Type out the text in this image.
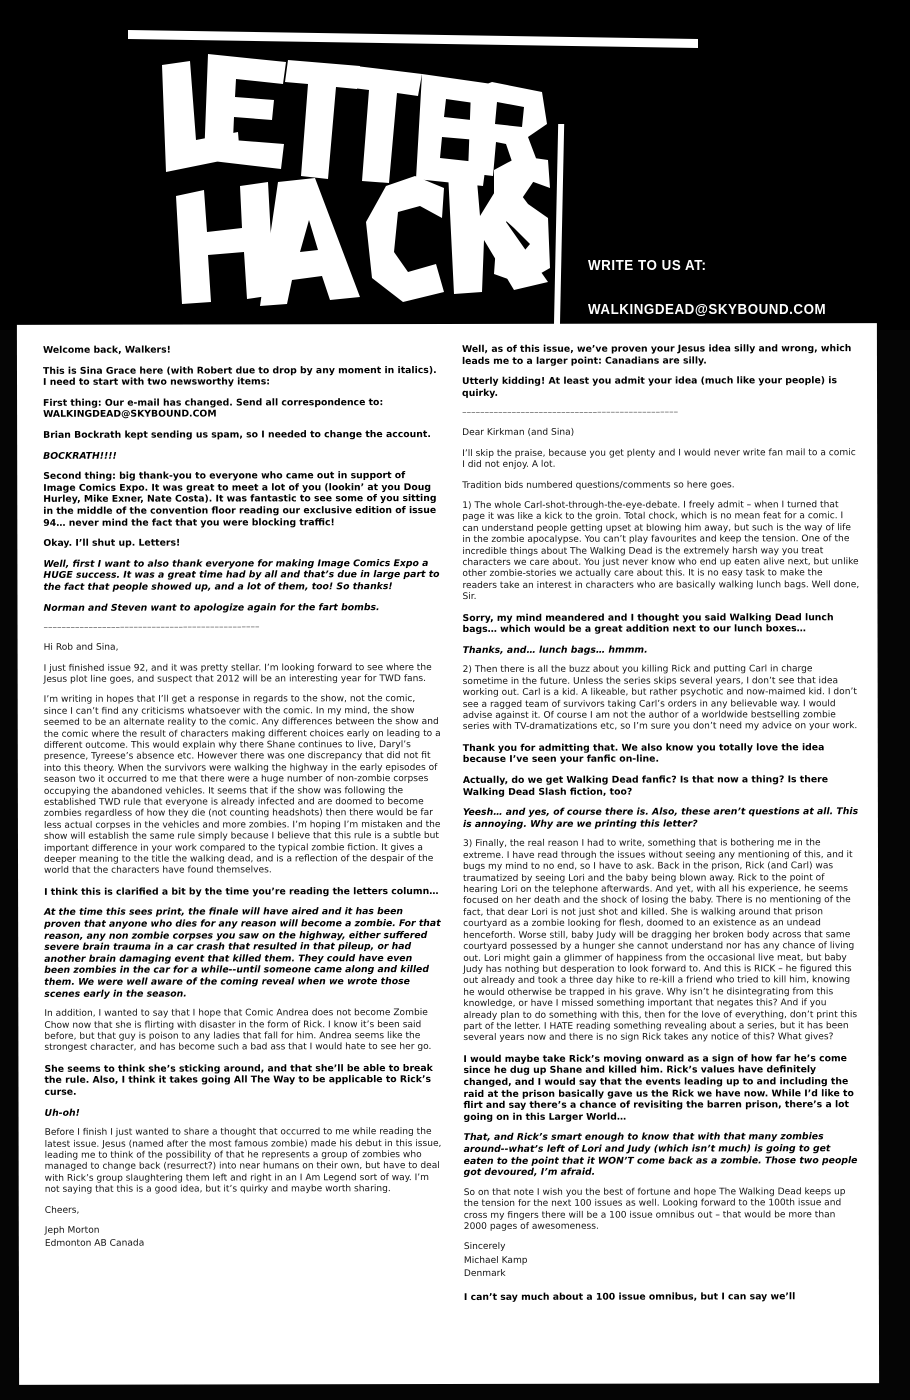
WRITE TO US AT:
WALKINGDEAD@SKYBOUND.COM

Welcome back, Walkers!

This is Sina Grace here (with Robert due to drop by any moment in italics). I need to start with two newsworthy items:

First thing: Our e-mail has changed. Send all correspondence to: WALKINGDEAD@SKYBOUND.COM

Brian Bockrath kept sending us spam, so I needed to change the account.

BOCKRATH!!!!

Second thing: big thank-you to everyone who came out in support of Image Comics Expo. It was great to meet a lot of you (lookin’ at you Doug Hurley, Mike Exner, Nate Costa). It was fantastic to see some of you sitting in the middle of the convention floor reading our exclusive edition of issue 94… never mind the fact that you were blocking traffic!

Okay. I’ll shut up. Letters!

Well, first I want to also thank everyone for making Image Comics Expo a HUGE success. It was a great time had by all and that’s due in large part to the fact that people showed up, and a lot of them, too! So thanks!

Norman and Steven want to apologize again for the fart bombs.

––––––––––––––––––––––––––––––––––––––––––––––––

Hi Rob and Sina,

I just finished issue 92, and it was pretty stellar. I’m looking forward to see where the Jesus plot line goes, and suspect that 2012 will be an interesting year for TWD fans.

I’m writing in hopes that I’ll get a response in regards to the show, not the comic, since I can’t find any criticisms whatsoever with the comic. In my mind, the show seemed to be an alternate reality to the comic. Any differences between the show and the comic where the result of characters making different choices early on leading to a different outcome. This would explain why there Shane continues to live, Daryl’s presence, Tyreese’s absence etc. However there was one discrepancy that did not fit into this theory. When the survivors were walking the highway in the early episodes of season two it occurred to me that there were a huge number of non-zombie corpses occupying the abandoned vehicles. It seems that if the show was following the established TWD rule that everyone is already infected and are doomed to become zombies regardless of how they die (not counting headshots) then there would be far less actual corpses in the vehicles and more zombies. I’m hoping I’m mistaken and the show will establish the same rule simply because I believe that this rule is a subtle but important difference in your work compared to the typical zombie fiction. It gives a deeper meaning to the title the walking dead, and is a reflection of the despair of the world that the characters have found themselves.

I think this is clarified a bit by the time you’re reading the letters column…

At the time this sees print, the finale will have aired and it has been proven that anyone who dies for any reason will become a zombie. For that reason, any non zombie corpses you saw on the highway, either suffered severe brain trauma in a car crash that resulted in that pileup, or had another brain damaging event that killed them. They could have even been zombies in the car for a while--until someone came along and killed them. We were well aware of the coming reveal when we wrote those scenes early in the season.

In addition, I wanted to say that I hope that Comic Andrea does not become Zombie Chow now that she is flirting with disaster in the form of Rick. I know it’s been said before, but that guy is poison to any ladies that fall for him. Andrea seems like the strongest character, and has become such a bad ass that I would hate to see her go.

She seems to think she’s sticking around, and that she’ll be able to break the rule. Also, I think it takes going All The Way to be applicable to Rick’s curse.

Uh-oh!

Before I finish I just wanted to share a thought that occurred to me while reading the latest issue. Jesus (named after the most famous zombie) made his debut in this issue, leading me to think of the possibility of that he represents a group of zombies who managed to change back (resurrect?) into near humans on their own, but have to deal with Rick’s group slaughtering them left and right in an I Am Legend sort of way. I’m not saying that this is a good idea, but it’s quirky and maybe worth sharing.

Cheers,

Jeph Morton

Edmonton AB Canada

Well, as of this issue, we’ve proven your Jesus idea silly and wrong, which leads me to a larger point: Canadians are silly.

Utterly kidding! At least you admit your idea (much like your people) is quirky.

––––––––––––––––––––––––––––––––––––––––––––––––

Dear Kirkman (and Sina)

I’ll skip the praise, because you get plenty and I would never write fan mail to a comic I did not enjoy. A lot.

Tradition bids numbered questions/comments so here goes.

1) The whole Carl-shot-through-the-eye-debate. I freely admit – when I turned that page it was like a kick to the groin. Total chock, which is no mean feat for a comic. I can understand people getting upset at blowing him away, but such is the way of life in the zombie apocalypse. You can’t play favourites and keep the tension. One of the incredible things about The Walking Dead is the extremely harsh way you treat characters we care about. You just never know who end up eaten alive next, but unlike other zombie-stories we actually care about this. It is no easy task to make the readers take an interest in characters who are basically walking lunch bags. Well done, Sir.

Sorry, my mind meandered and I thought you said Walking Dead lunch bags… which would be a great addition next to our lunch boxes…

Thanks, and… lunch bags… hmmm.

2) Then there is all the buzz about you killing Rick and putting Carl in charge sometime in the future. Unless the series skips several years, I don’t see that idea working out. Carl is a kid. A likeable, but rather psychotic and now-maimed kid. I don’t see a ragged team of survivors taking Carl’s orders in any believable way. I would advise against it. Of course I am not the author of a worldwide bestselling zombie series with TV-dramatizations etc, so I’m sure you don’t need my advice on your work.

Thank you for admitting that. We also know you totally love the idea because I’ve seen your fanfic on-line.

Actually, do we get Walking Dead fanfic? Is that now a thing? Is there Walking Dead Slash fiction, too?

Yeesh… and yes, of course there is. Also, these aren’t questions at all. This is annoying. Why are we printing this letter?

3) Finally, the real reason I had to write, something that is bothering me in the extreme. I have read through the issues without seeing any mentioning of this, and it bugs my mind to no end, so I have to ask. Back in the prison, Rick (and Carl) was traumatized by seeing Lori and the baby being blown away. Rick to the point of hearing Lori on the telephone afterwards. And yet, with all his experience, he seems focused on her death and the shock of losing the baby. There is no mentioning of the fact, that dear Lori is not just shot and killed. She is walking around that prison courtyard as a zombie looking for flesh, doomed to an existence as an undead henceforth. Worse still, baby Judy will be dragging her broken body across that same courtyard possessed by a hunger she cannot understand nor has any chance of living out. Lori might gain a glimmer of happiness from the occasional live meat, but baby Judy has nothing but desperation to look forward to. And this is RICK – he figured this out already and took a three day hike to re-kill a friend who tried to kill him, knowing he would otherwise be trapped in his grave. Why isn’t he disintegrating from this knowledge, or have I missed something important that negates this? And if you already plan to do something with this, then for the love of everything, don’t print this part of the letter. I HATE reading something revealing about a series, but it has been several years now and there is no sign Rick takes any notice of this? What gives?

I would maybe take Rick’s moving onward as a sign of how far he’s come since he dug up Shane and killed him. Rick’s values have definitely changed, and I would say that the events leading up to and including the raid at the prison basically gave us the Rick we have now. While I’d like to flirt and say there’s a chance of revisiting the barren prison, there’s a lot going on in this Larger World…

That, and Rick’s smart enough to know that with that many zombies around--what’s left of Lori and Judy (which isn’t much) is going to get eaten to the point that it WON’T come back as a zombie. Those two people got devoured, I’m afraid.

So on that note I wish you the best of fortune and hope The Walking Dead keeps up the tension for the next 100 issues as well. Looking forward to the 100th issue and cross my fingers there will be a 100 issue omnibus out – that would be more than 2000 pages of awesomeness.

Sincerely

Michael Kamp

Denmark

I can’t say much about a 100 issue omnibus, but I can say we’ll
